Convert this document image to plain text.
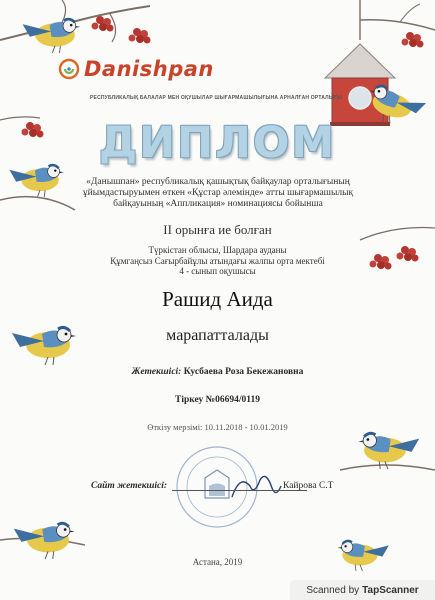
Danishpan
РЕСПУБЛИКАЛЫҚ БАЛАЛАР МЕН ОҚУШЫЛАР ШЫҒАРМАШЫЛЫҒЫНА АРНАЛҒАН ОРТАЛЫҒЫ
ДИПЛОМ
«Данышпан» республикалық қашықтық байқаулар орталығының
ұйымдастыруымен өткен «Құстар әлемінде» атты шығармашылық
байқауының «Аппликация» номинациясы бойынша
II орынға ие болған
Түркістан облысы, Шардара ауданы
Құмгаңсыз Сағырбайұлы атындағы жалпы орта мектебі
4 - сынып оқушысы
Рашид Аида
марапатталады
Жетекшісі: Кусбаева Роза Бекежановна
Тіркеу №06694/0119
Өткізу мерзімі: 10.11.2018 - 10.01.2019
Сайт жетекшісі:	Кайрова С.Т
Астана, 2019
Scanned by TapScanner
